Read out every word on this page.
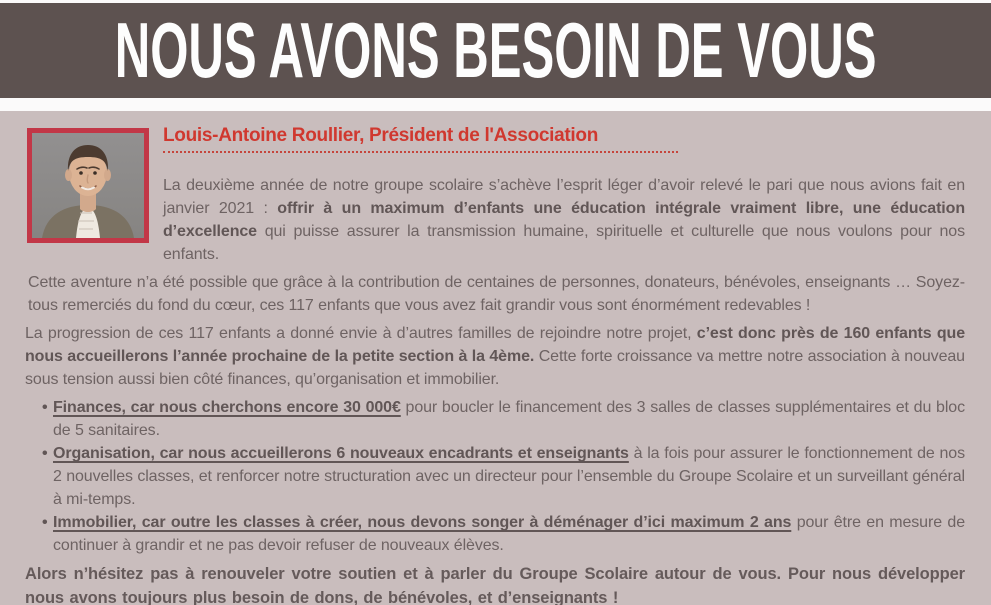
NOUS AVONS BESOIN DE VOUS
Louis-Antoine Roullier, Président de l'Association

La deuxième année de notre groupe scolaire s’achève l’esprit léger d’avoir relevé le pari que nous avions fait en janvier 2021 : offrir à un maximum d’enfants une éducation intégrale vraiment libre, une éducation d’excellence qui puisse assurer la transmission humaine, spirituelle et culturelle que nous voulons pour nos enfants.

Cette aventure n’a été possible que grâce à la contribution de centaines de personnes, donateurs, bénévoles, enseignants … Soyez-tous remerciés du fond du cœur, ces 117 enfants que vous avez fait grandir vous sont énormément redevables !

La progression de ces 117 enfants a donné envie à d’autres familles de rejoindre notre projet, c’est donc près de 160 enfants que nous accueillerons l’année prochaine de la petite section à la 4ème. Cette forte croissance va mettre notre association à nouveau sous tension aussi bien côté finances, qu’organisation et immobilier.

• Finances, car nous cherchons encore 30 000€ pour boucler le financement des 3 salles de classes supplémentaires et du bloc de 5 sanitaires.
• Organisation, car nous accueillerons 6 nouveaux encadrants et enseignants à la fois pour assurer le fonctionnement de nos 2 nouvelles classes, et renforcer notre structuration avec un directeur pour l’ensemble du Groupe Scolaire et un surveillant général à mi-temps.
• Immobilier, car outre les classes à créer, nous devons songer à déménager d’ici maximum 2 ans pour être en mesure de continuer à grandir et ne pas devoir refuser de nouveaux élèves.

Alors n’hésitez pas à renouveler votre soutien et à parler du Groupe Scolaire autour de vous. Pour nous développer nous avons toujours plus besoin de dons, de bénévoles, et d’enseignants !
